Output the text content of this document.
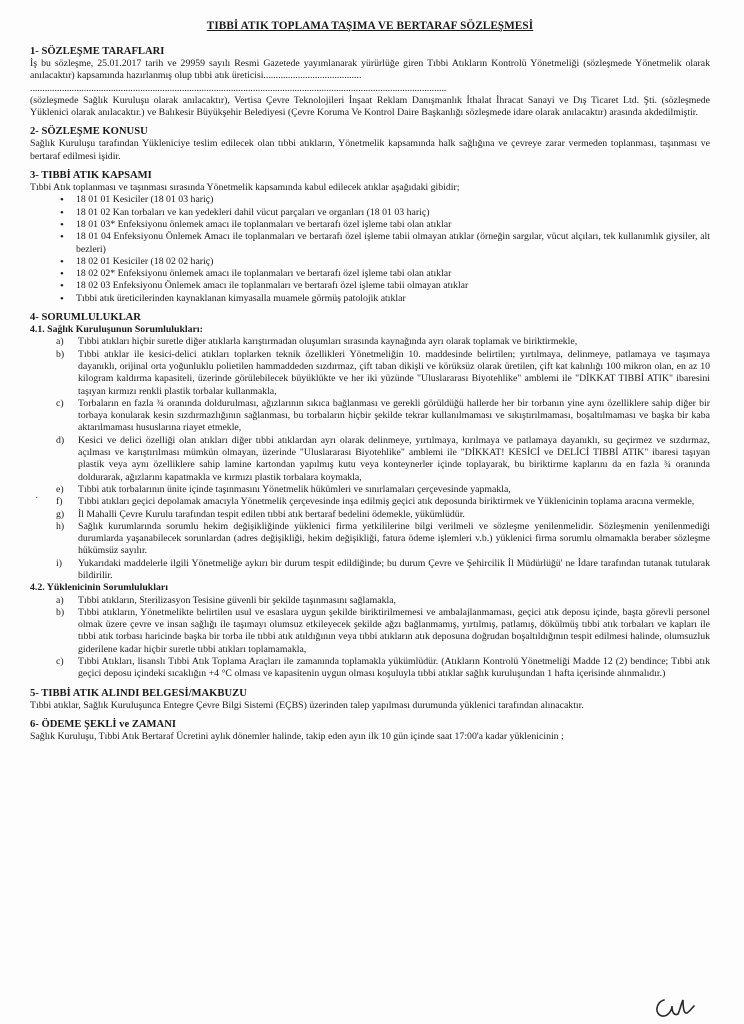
TIBBİ ATIK TOPLAMA TAŞIMA VE BERTARAF SÖZLEŞMESİ
1- SÖZLEŞME TARAFLARI

İş bu sözleşme, 25.01.2017 tarih ve 29959 sayılı Resmi Gazetede yayımlanarak yürürlüğe giren Tıbbi Atıkların Kontrolü Yönetmeliği (sözleşmede Yönetmelik olarak anılacaktır) kapsamında hazırlanmış olup tıbbi atık üreticisi........................................

..........................................................................................................................................................................

(sözleşmede Sağlık Kuruluşu olarak anılacaktır), Vertisa Çevre Teknolojileri İnşaat Reklam Danışmanlık İthalat İhracat Sanayi ve Dış Ticaret Ltd. Şti. (sözleşmede Yüklenici olarak anılacaktır.) ve Balıkesir Büyükşehir Belediyesi (Çevre Koruma Ve Kontrol Daire Başkanlığı sözleşmede idare olarak anılacaktır) arasında akdedilmiştir.

2- SÖZLEŞME KONUSU

Sağlık Kuruluşu tarafından Yükleniciye teslim edilecek olan tıbbi atıkların, Yönetmelik kapsamında halk sağlığına ve çevreye zarar vermeden toplanması, taşınması ve bertaraf edilmesi işidir.

3- TIBBİ ATIK KAPSAMI

Tıbbi Atık toplanması ve taşınması sırasında Yönetmelik kapsamında kabul edilecek atıklar aşağıdaki gibidir;

• 18 01 01 Kesiciler (18 01 03 hariç)
• 18 01 02 Kan torbaları ve kan yedekleri dahil vücut parçaları ve organları (18 01 03 hariç)
• 18 01 03* Enfeksiyonu önlemek amacı ile toplanmaları ve bertarafı özel işleme tabi olan atıklar
• 18 01 04 Enfeksiyonu Önlemek Amacı ile toplanmaları ve bertarafı özel işleme tabii olmayan atıklar (örneğin sargılar, vücut alçıları, tek kullanımlık giysiler, alt bezleri)
• 18 02 01 Kesiciler (18 02 02 hariç)
• 18 02 02* Enfeksiyonu önlemek amacı ile toplanmaları ve bertarafı özel işleme tabi olan atıklar
• 18 02 03 Enfeksiyonu Önlemek amacı ile toplanmaları ve bertarafı özel işleme tabii olmayan atıklar
• Tıbbi atık üreticilerinden kaynaklanan kimyasalla muamele görmüş patolojik atıklar
4- SORUMLULUKLAR
4.1. Sağlık Kuruluşunun Sorumlulukları:
a)	Tıbbi atıkları hiçbir suretle diğer atıklarla karıştırmadan oluşumları sırasında kaynağında ayrı olarak toplamak ve biriktirmekle,
b)	Tıbbi atıklar ile kesici-delici atıkları toplarken teknik özellikleri Yönetmeliğin 10. maddesinde belirtilen; yırtılmaya, delinmeye, patlamaya ve taşımaya dayanıklı, orijinal orta yoğunluklu polietilen hammaddeden sızdırmaz, çift taban dikişli ve körüksüz olarak üretilen, çift kat kalınlığı 100 mikron olan, en az 10 kilogram kaldırma kapasiteli, üzerinde görülebilecek büyüklükte ve her iki yüzünde "Uluslararası Biyotehlike" amblemi ile "DİKKAT TIBBİ ATIK" ibaresini taşıyan kırmızı renkli plastik torbalar kullanmakla,
c)	Torbaların en fazla ¾ oranında doldurulması, ağızlarının sıkıca bağlanması ve gerekli görüldüğü hallerde her bir torbanın yine aynı özelliklere sahip diğer bir torbaya konularak kesin sızdırmazlığının sağlanması, bu torbaların hiçbir şekilde tekrar kullanılmaması ve sıkıştırılmaması, boşaltılmaması ve başka bir kaba aktarılmaması hususlarına riayet etmekle,
d)	Kesici ve delici özelliği olan atıkları diğer tıbbi atıklardan ayrı olarak delinmeye, yırtılmaya, kırılmaya ve patlamaya dayanıklı, su geçirmez ve sızdırmaz, açılması ve karıştırılması mümkün olmayan, üzerinde "Uluslararası Biyotehlike" amblemi ile "DİKKAT! KESİCİ ve DELİCİ TIBBİ ATIK" ibaresi taşıyan plastik veya aynı özelliklere sahip lamine kartondan yapılmış kutu veya konteynerler içinde toplayarak, bu biriktirme kaplarını da en fazla ¾ oranında doldurarak, ağızlarını kapatmakla ve kırmızı plastik torbalara koymakla,
e)	Tıbbi atık torbalarının ünite içinde taşınmasını Yönetmelik hükümleri ve sınırlamaları çerçevesinde yapmakla,
f)	Tıbbi atıkları geçici depolamak amacıyla Yönetmelik çerçevesinde inşa edilmiş geçici atık deposunda biriktirmek ve Yüklenicinin toplama aracına vermekle,
g)	İl Mahalli Çevre Kurulu tarafından tespit edilen tıbbi atık bertaraf bedelini ödemekle, yükümlüdür.
h)	Sağlık kurumlarında sorumlu hekim değişikliğinde yüklenici firma yetkililerine bilgi verilmeli ve sözleşme yenilenmelidir. Sözleşmenin yenilenmediği durumlarda yaşanabilecek sorunlardan (adres değişikliği, hekim değişikliği, fatura ödeme işlemleri v.b.) yüklenici firma sorumlu olmamakla beraber sözleşme hükümsüz sayılır.
i)	Yukarıdaki maddelerle ilgili Yönetmeliğe aykırı bir durum tespit edildiğinde; bu durum Çevre ve Şehircilik İl Müdürlüğü' ne İdare tarafından tutanak tutularak bildirilir.
4.2. Yüklenicinin Sorumlulukları
a)	Tıbbi atıkların, Sterilizasyon Tesisine güvenli bir şekilde taşınmasını sağlamakla,
b)	Tıbbi atıkların, Yönetmelikte belirtilen usul ve esaslara uygun şekilde biriktirilmemesi ve ambalajlanmaması, geçici atık deposu içinde, başta görevli personel olmak üzere çevre ve insan sağlığı ile taşımayı olumsuz etkileyecek şekilde ağzı bağlanmamış, yırtılmış, patlamış, dökülmüş tıbbi atık torbaları ve kapları ile tıbbi atık torbası haricinde başka bir torba ile tıbbi atık atıldığının veya tıbbi atıkların atık deposuna doğrudan boşaltıldığının tespit edilmesi halinde, olumsuzluk giderilene kadar hiçbir suretle tıbbi atıkları toplamamakla,
c)	Tıbbi Atıkları, lisanslı Tıbbi Atık Toplama Araçları ile zamanında toplamakla yükümlüdür. (Atıkların Kontrolü Yönetmeliği Madde 12 (2) bendince; Tıbbi atık geçici deposu içindeki sıcaklığın +4 °C olması ve kapasitenin uygun olması koşuluyla tıbbi atıklar sağlık kuruluşundan 1 hafta içerisinde alınmalıdır.)
5- TIBBİ ATIK ALINDI BELGESİ/MAKBUZU

Tıbbi atıklar, Sağlık Kuruluşunca Entegre Çevre Bilgi Sistemi (EÇBS) üzerinden talep yapılması durumunda yüklenici tarafından alınacaktır.

6- ÖDEME ŞEKLİ ve ZAMANI

Sağlık Kuruluşu, Tıbbi Atık Bertaraf Ücretini aylık dönemler halinde, takip eden ayın ilk 10 gün içinde saat 17:00'a kadar yüklenicinin ;

·
